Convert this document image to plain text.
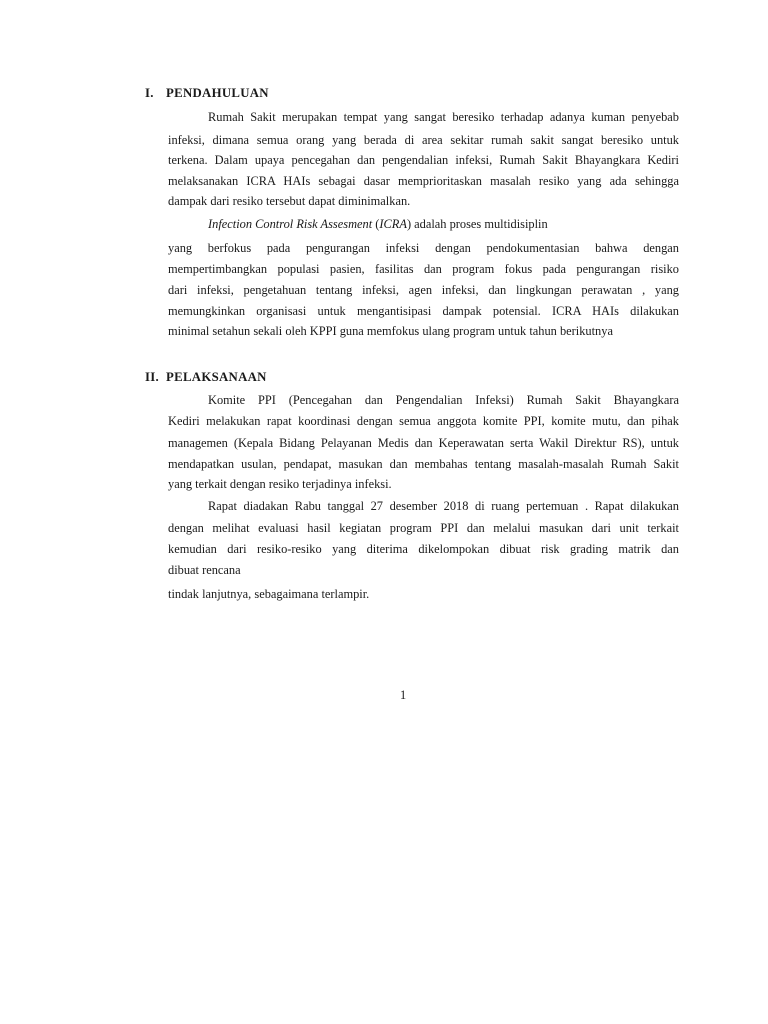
I. PENDAHULUAN
Rumah Sakit merupakan tempat yang sangat beresiko terhadap adanya kuman penyebab
infeksi, dimana semua orang yang berada di area sekitar rumah sakit sangat beresiko untuk
terkena. Dalam upaya pencegahan dan pengendalian infeksi, Rumah Sakit Bhayangkara Kediri
melaksanakan ICRA HAIs sebagai dasar memprioritaskan masalah resiko yang ada sehingga
dampak dari resiko tersebut dapat diminimalkan.
Infection Control Risk Assesment (ICRA) adalah proses multidisiplin
yang berfokus pada pengurangan infeksi dengan pendokumentasian bahwa dengan
mempertimbangkan populasi pasien, fasilitas dan program fokus pada pengurangan risiko
dari infeksi, pengetahuan tentang infeksi, agen infeksi, dan lingkungan perawatan , yang
memungkinkan organisasi untuk mengantisipasi dampak potensial. ICRA HAIs dilakukan
minimal setahun sekali oleh KPPI guna memfokus ulang program untuk tahun berikutnya
II. PELAKSANAAN
Komite PPI (Pencegahan dan Pengendalian Infeksi) Rumah Sakit Bhayangkara
Kediri melakukan rapat koordinasi dengan semua anggota komite PPI, komite mutu, dan pihak
managemen (Kepala Bidang Pelayanan Medis dan Keperawatan serta Wakil Direktur RS), untuk
mendapatkan usulan, pendapat, masukan dan membahas tentang masalah-masalah Rumah Sakit
yang terkait dengan resiko terjadinya infeksi.
Rapat diadakan Rabu tanggal 27 desember 2018 di ruang pertemuan . Rapat dilakukan
dengan melihat evaluasi hasil kegiatan program PPI dan melalui masukan dari unit terkait
kemudian dari resiko-resiko yang diterima dikelompokan dibuat risk grading matrik dan
dibuat rencana
tindak lanjutnya, sebagaimana terlampir.
1
